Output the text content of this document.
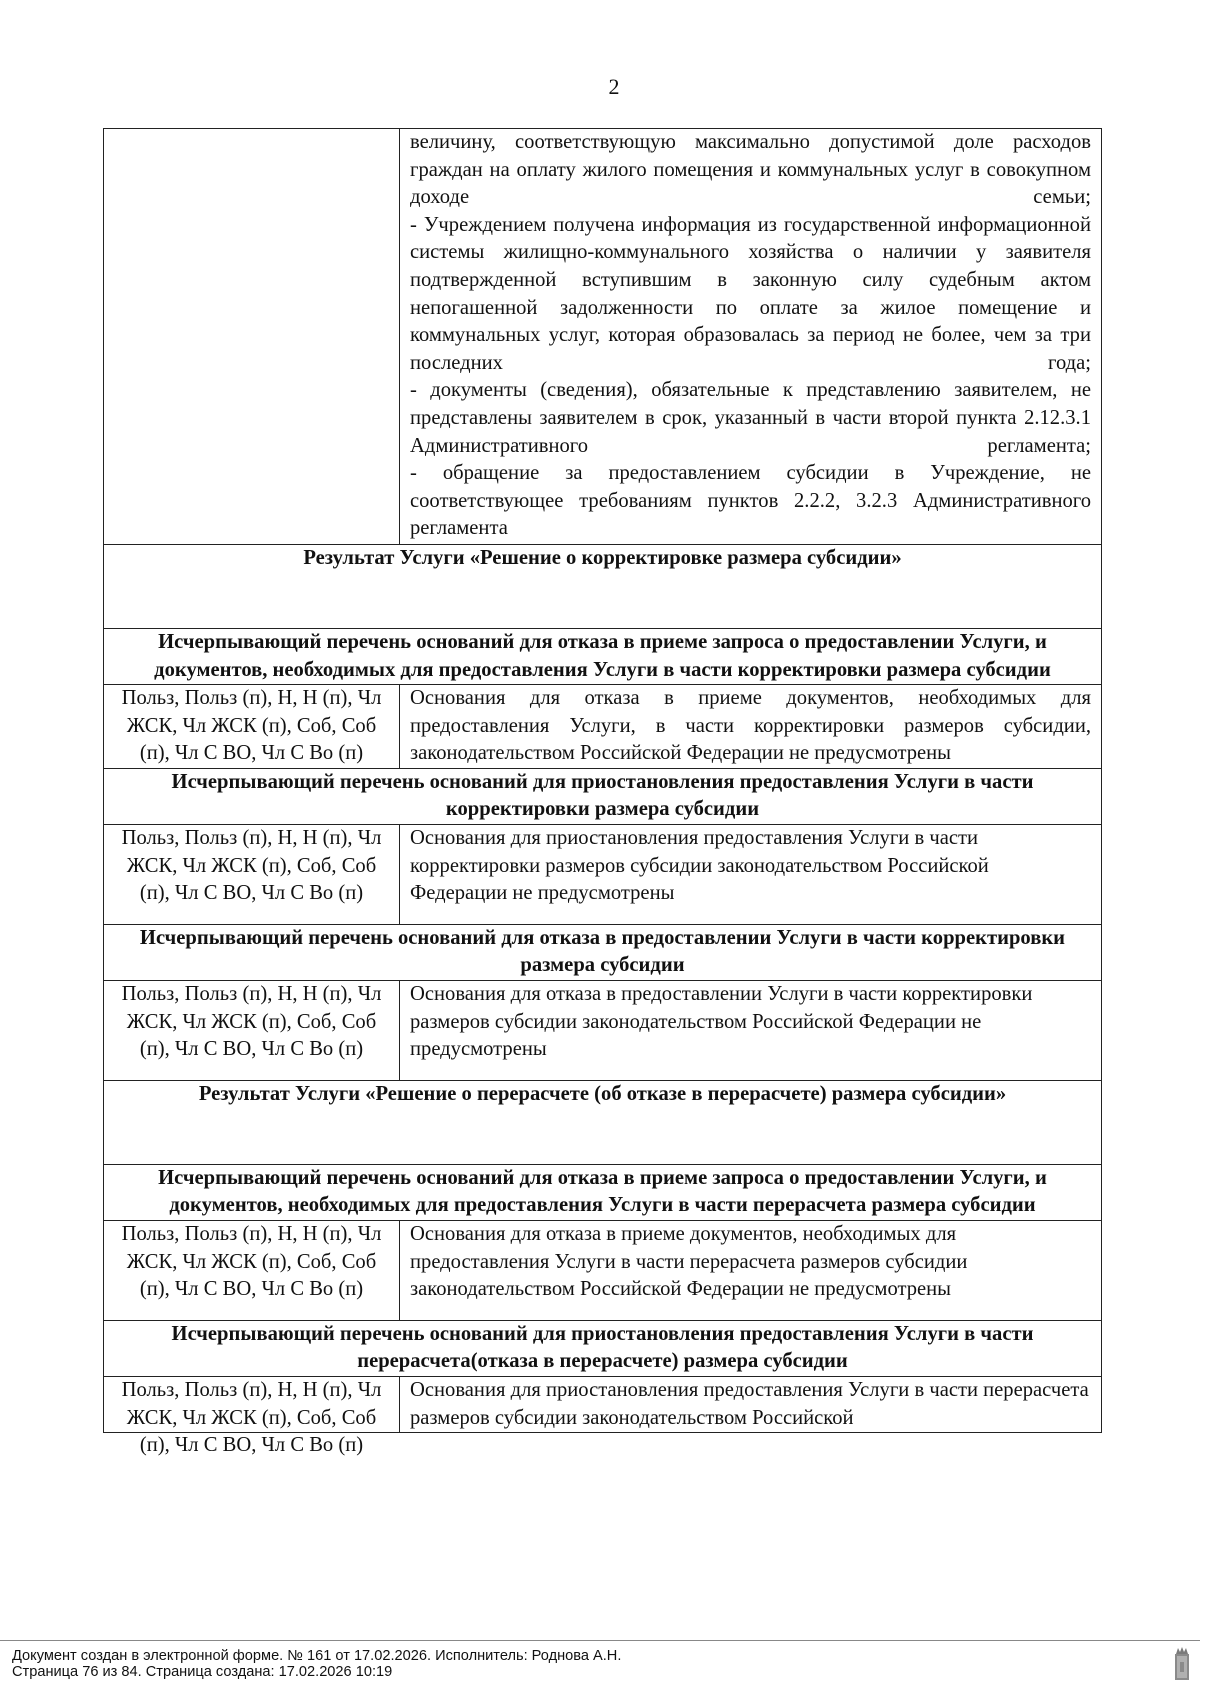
2

	величину, соответствующую максимально допустимой доле расходов граждан на оплату жилого помещения и коммунальных услуг в совокупном доходе семьи;

- Учреждением получена информация из государственной информационной системы жилищно-коммунального хозяйства о наличии у заявителя подтвержденной вступившим в законную силу судебным актом непогашенной задолженности по оплате за жилое помещение и коммунальных услуг, которая образовалась за период не более, чем за три последних года;

- документы (сведения), обязательные к представлению заявителем, не представлены заявителем в срок, указанный в части второй пункта 2.12.3.1 Административного регламента;

- обращение за предоставлением субсидии в Учреждение, не соответствующее требованиям пунктов 2.2.2, 3.2.3 Административного регламента

Результат Услуги «Решение о корректировке размера субсидии»	
Исчерпывающий перечень оснований для отказа в приеме запроса о предоставлении Услуги, и документов, необходимых для предоставления Услуги в части корректировки размера субсидии	
Польз, Польз (п), Н, Н (п), Чл ЖСК, Чл ЖСК (п), Соб, Соб (п), Чл С ВО, Чл С Во (п)	Основания для отказа в приеме документов, необходимых для предоставления Услуги, в части корректировки размеров субсидии, законодательством Российской Федерации не предусмотрены

Исчерпывающий перечень оснований для приостановления предоставления Услуги в части корректировки размера субсидии	
Польз, Польз (п), Н, Н (п), Чл ЖСК, Чл ЖСК (п), Соб, Соб (п), Чл С ВО, Чл С Во (п)	Основания для приостановления предоставления Услуги в части корректировки размеров субсидии законодательством Российской Федерации не предусмотрены
Исчерпывающий перечень оснований для отказа в предоставлении Услуги в части корректировки размера субсидии	
Польз, Польз (п), Н, Н (п), Чл ЖСК, Чл ЖСК (п), Соб, Соб (п), Чл С ВО, Чл С Во (п)	Основания для отказа в предоставлении Услуги в части корректировки размеров субсидии законодательством Российской Федерации не предусмотрены
Результат Услуги «Решение о перерасчете (об отказе в перерасчете) размера субсидии»	
Исчерпывающий перечень оснований для отказа в приеме запроса о предоставлении Услуги, и документов, необходимых для предоставления Услуги в части перерасчета размера субсидии	
Польз, Польз (п), Н, Н (п), Чл ЖСК, Чл ЖСК (п), Соб, Соб (п), Чл С ВО, Чл С Во (п)	Основания для отказа в приеме документов, необходимых для предоставления Услуги в части перерасчета размеров субсидии законодательством Российской Федерации не предусмотрены
Исчерпывающий перечень оснований для приостановления предоставления Услуги в части перерасчета(отказа в перерасчете) размера субсидии	

Польз, Польз (п), Н, Н (п), Чл ЖСК, Чл ЖСК (п), Соб, Соб (п), Чл С ВО, Чл С Во (п)	Основания для приостановления предоставления Услуги в части перерасчета размеров субсидии законодательством Российской
Документ создан в электронной форме. № 161 от 17.02.2026. Исполнитель: Роднова А.Н.
Страница 76 из 84. Страница создана: 17.02.2026 10:19
